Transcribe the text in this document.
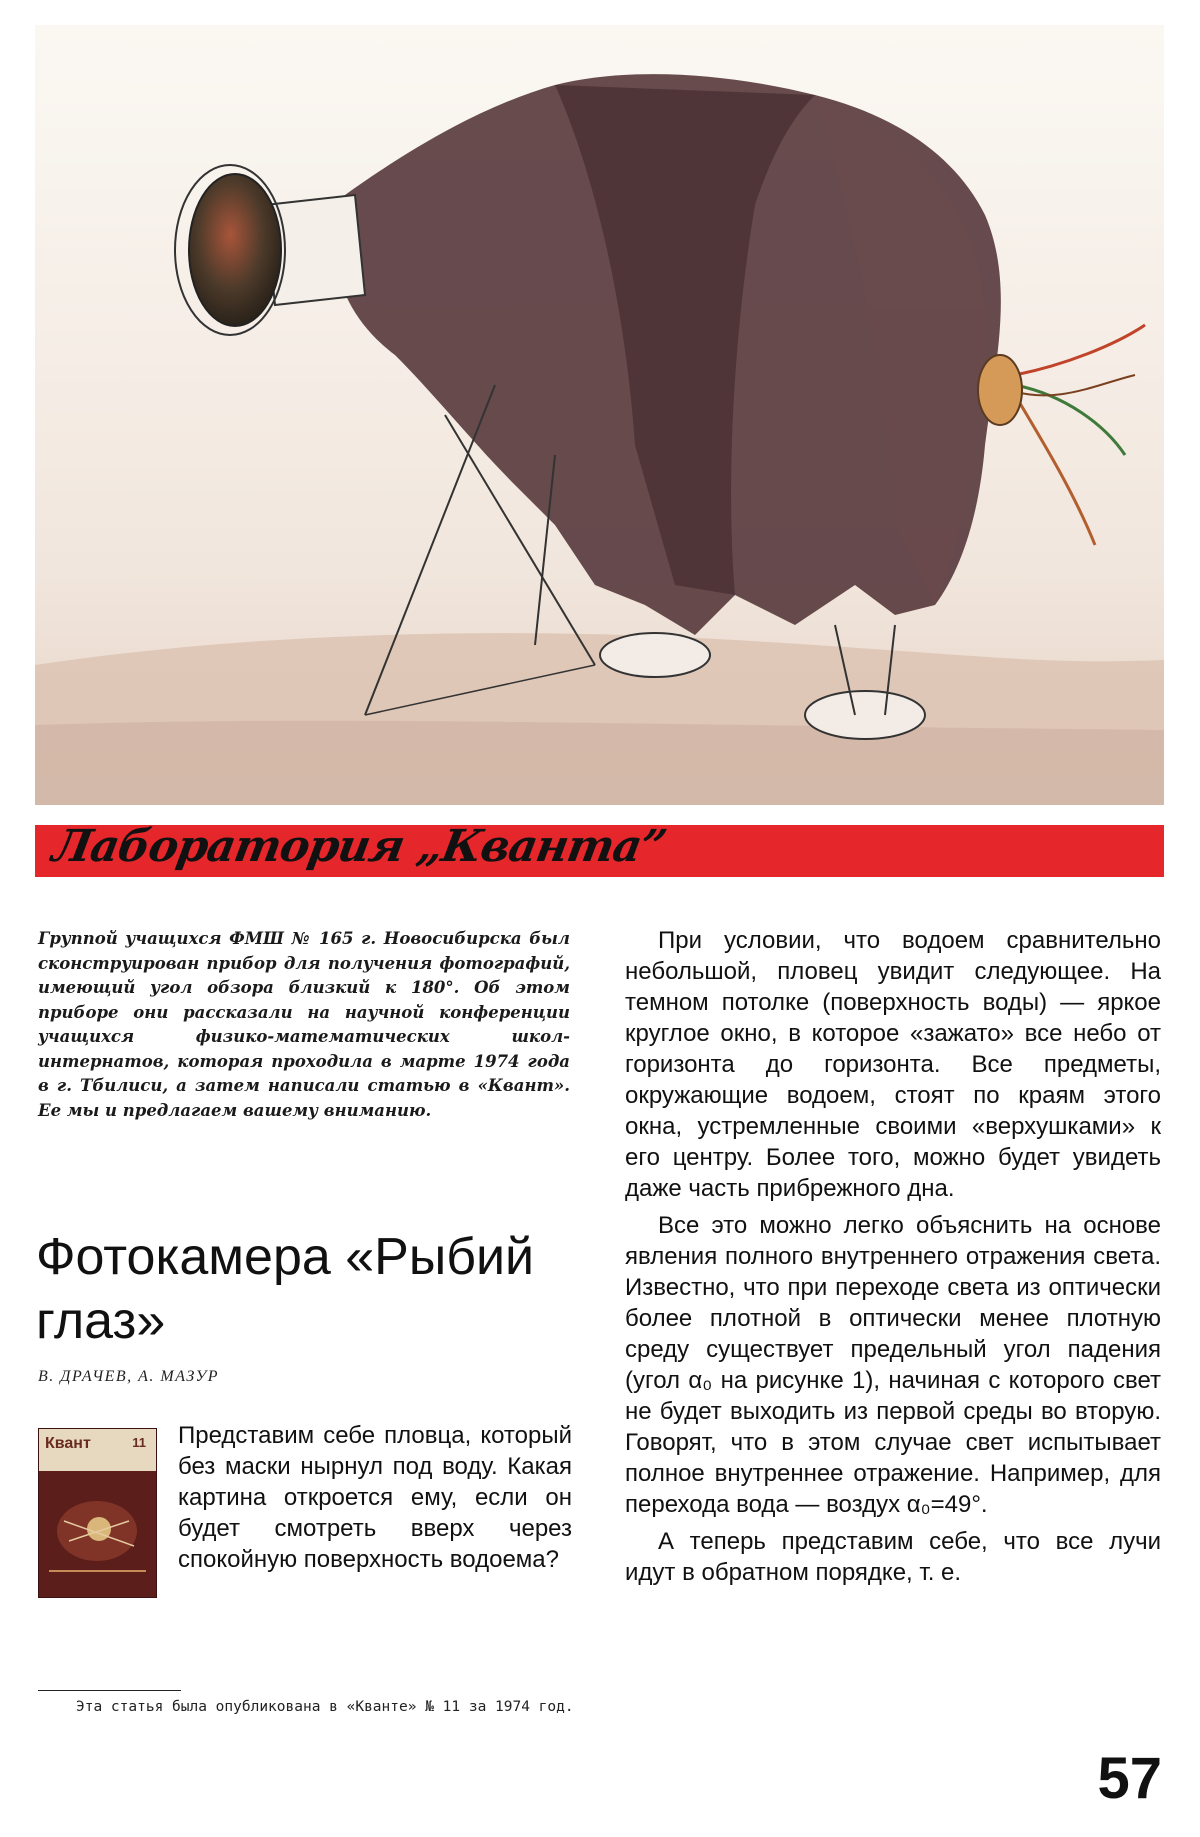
Лаборатория „Кванта”
Группой учащихся ФМШ № 165 г. Новосибирска был сконструирован прибор для получения фотографий, имеющий угол обзора близкий к 180°. Об этом приборе они рассказали на научной конференции учащихся физико-математических школ-интернатов, которая проходила в марте 1974 года в г. Тбилиси, а затем написали статью в «Квант». Ее мы и предлагаем вашему вниманию.
Фотокамера «Рыбий глаз»
В. ДРАЧЕВ, А. МАЗУР
Квант	11 Представим себе пловца, который без маски нырнул под воду. Какая картина откроется ему, если он будет смотреть вверх через спокойную поверхность водоема?
Эта статья была опубликована в «Кванте» № 11 за 1974 год.

При условии, что водоем сравнительно небольшой, пловец увидит следующее. На темном потолке (поверхность воды) — яркое круглое окно, в которое «зажато» все небо от горизонта до горизонта. Все предметы, окружающие водоем, стоят по краям этого окна, устремленные своими «верхушками» к его центру. Более того, можно будет увидеть даже часть прибрежного дна.

Все это можно легко объяснить на основе явления полного внутреннего отражения света. Известно, что при переходе света из оптически более плотной в оптически менее плотную среду существует предельный угол падения (угол α₀ на рисунке 1), начиная с которого свет не будет выходить из первой среды во вторую. Говорят, что в этом случае свет испытывает полное внутреннее отражение. Например, для перехода вода — воздух α₀=49°.

А теперь представим себе, что все лучи идут в обратном порядке, т. е.

57
